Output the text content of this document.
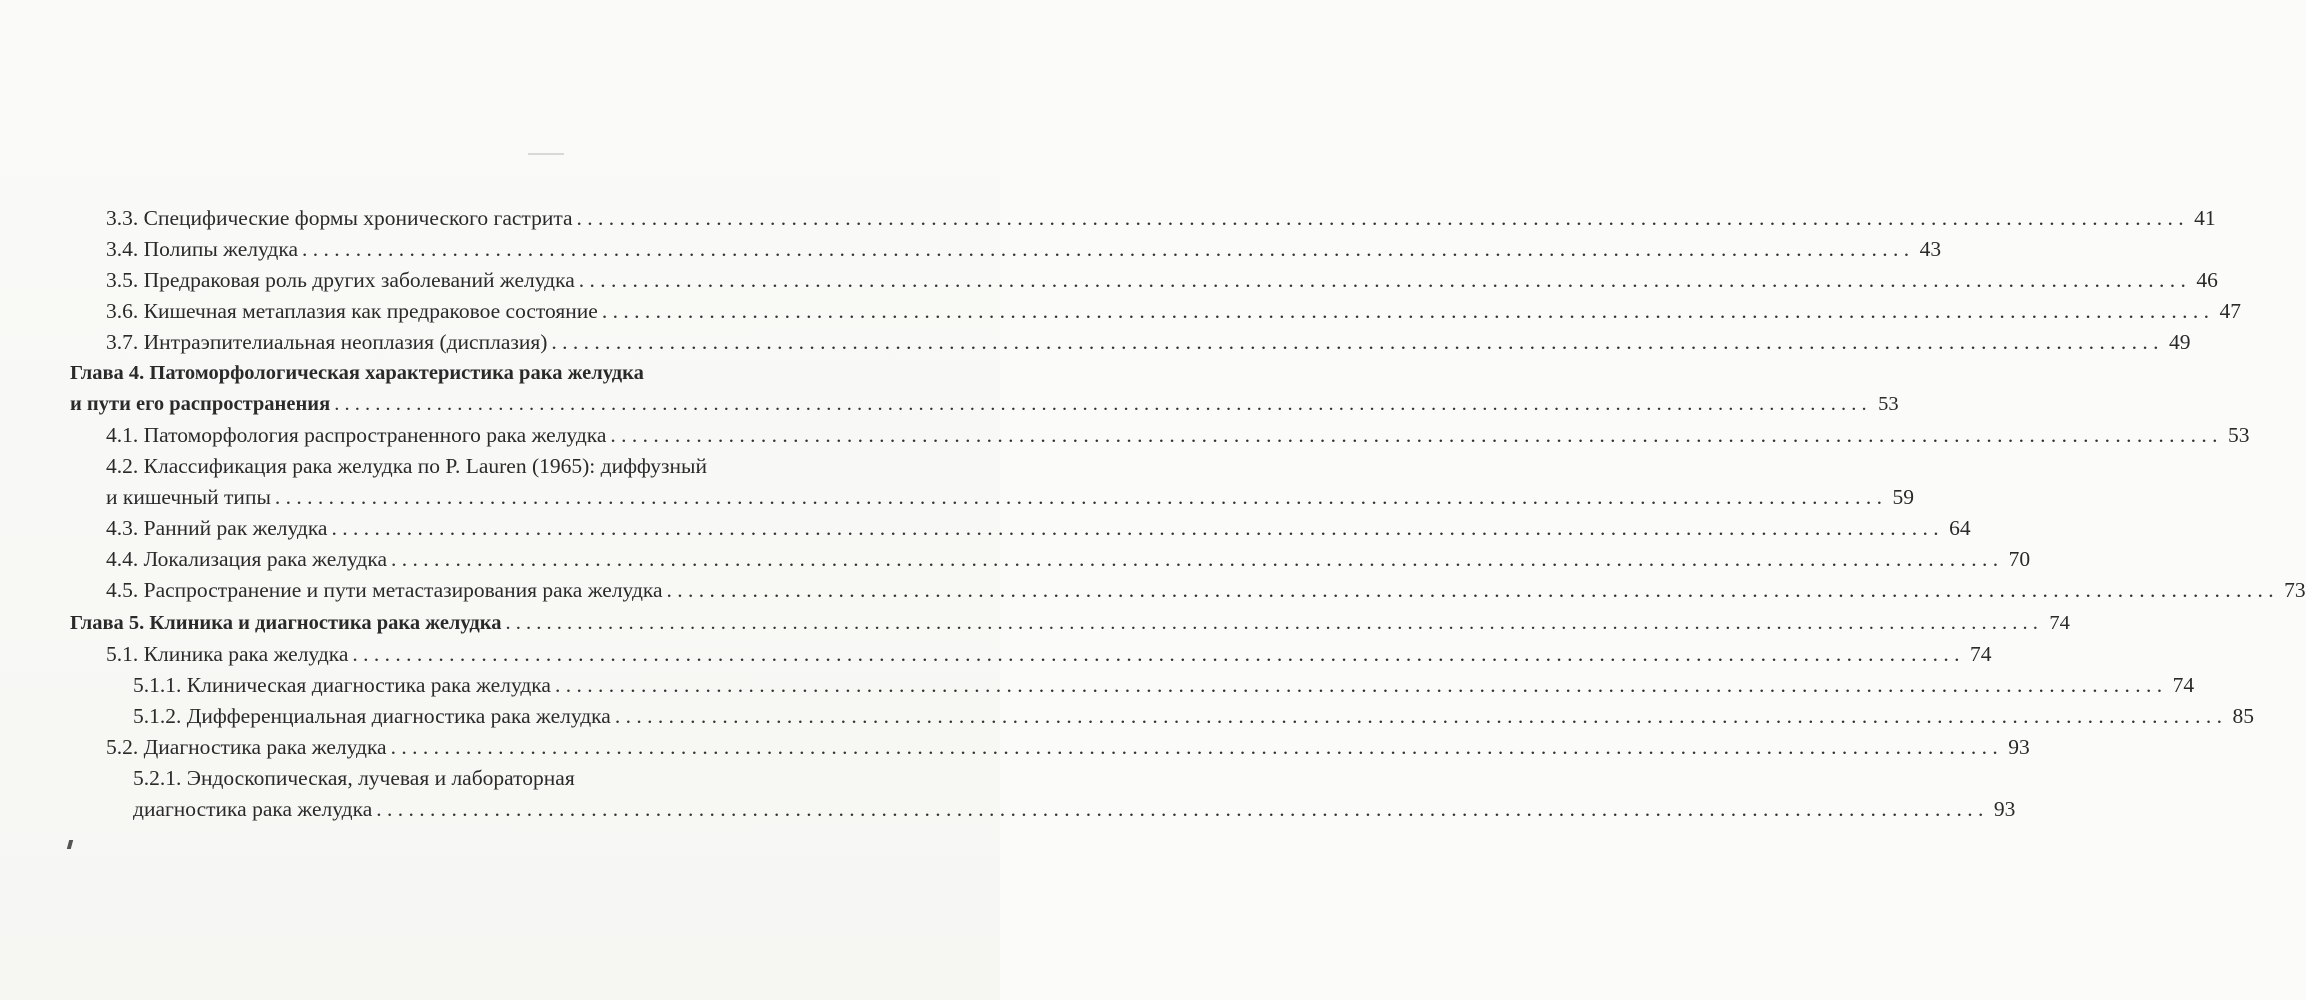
3.3. Специфические формы хронического гастрита . . .	41
3.4. Полипы желудка . . .	43
3.5. Предраковая роль других заболеваний желудка . . .	46
3.6. Кишечная метаплазия как предраковое состояние . . .	47
3.7. Интраэпителиальная неоплазия (дисплазия) . . .	49
Глава 4. Патоморфологическая характеристика рака желудка
и пути его распространения . . .	53
4.1. Патоморфология распространенного рака желудка . . .	53
4.2. Классификация рака желудка по P. Lauren (1965): диффузный
и кишечный типы . . .	59
4.3. Ранний рак желудка . . .	64
4.4. Локализация рака желудка . . .	70
4.5. Распространение и пути метастазирования рака желудка . . .	73
Глава 5. Клиника и диагностика рака желудка . . .	74
5.1. Клиника рака желудка . . .	74
5.1.1. Клиническая диагностика рака желудка . . .	74
5.1.2. Дифференциальная диагностика рака желудка . . .	85
5.2. Диагностика рака желудка . . .	93
5.2.1. Эндоскопическая, лучевая и лабораторная
диагностика рака желудка . . .	93
